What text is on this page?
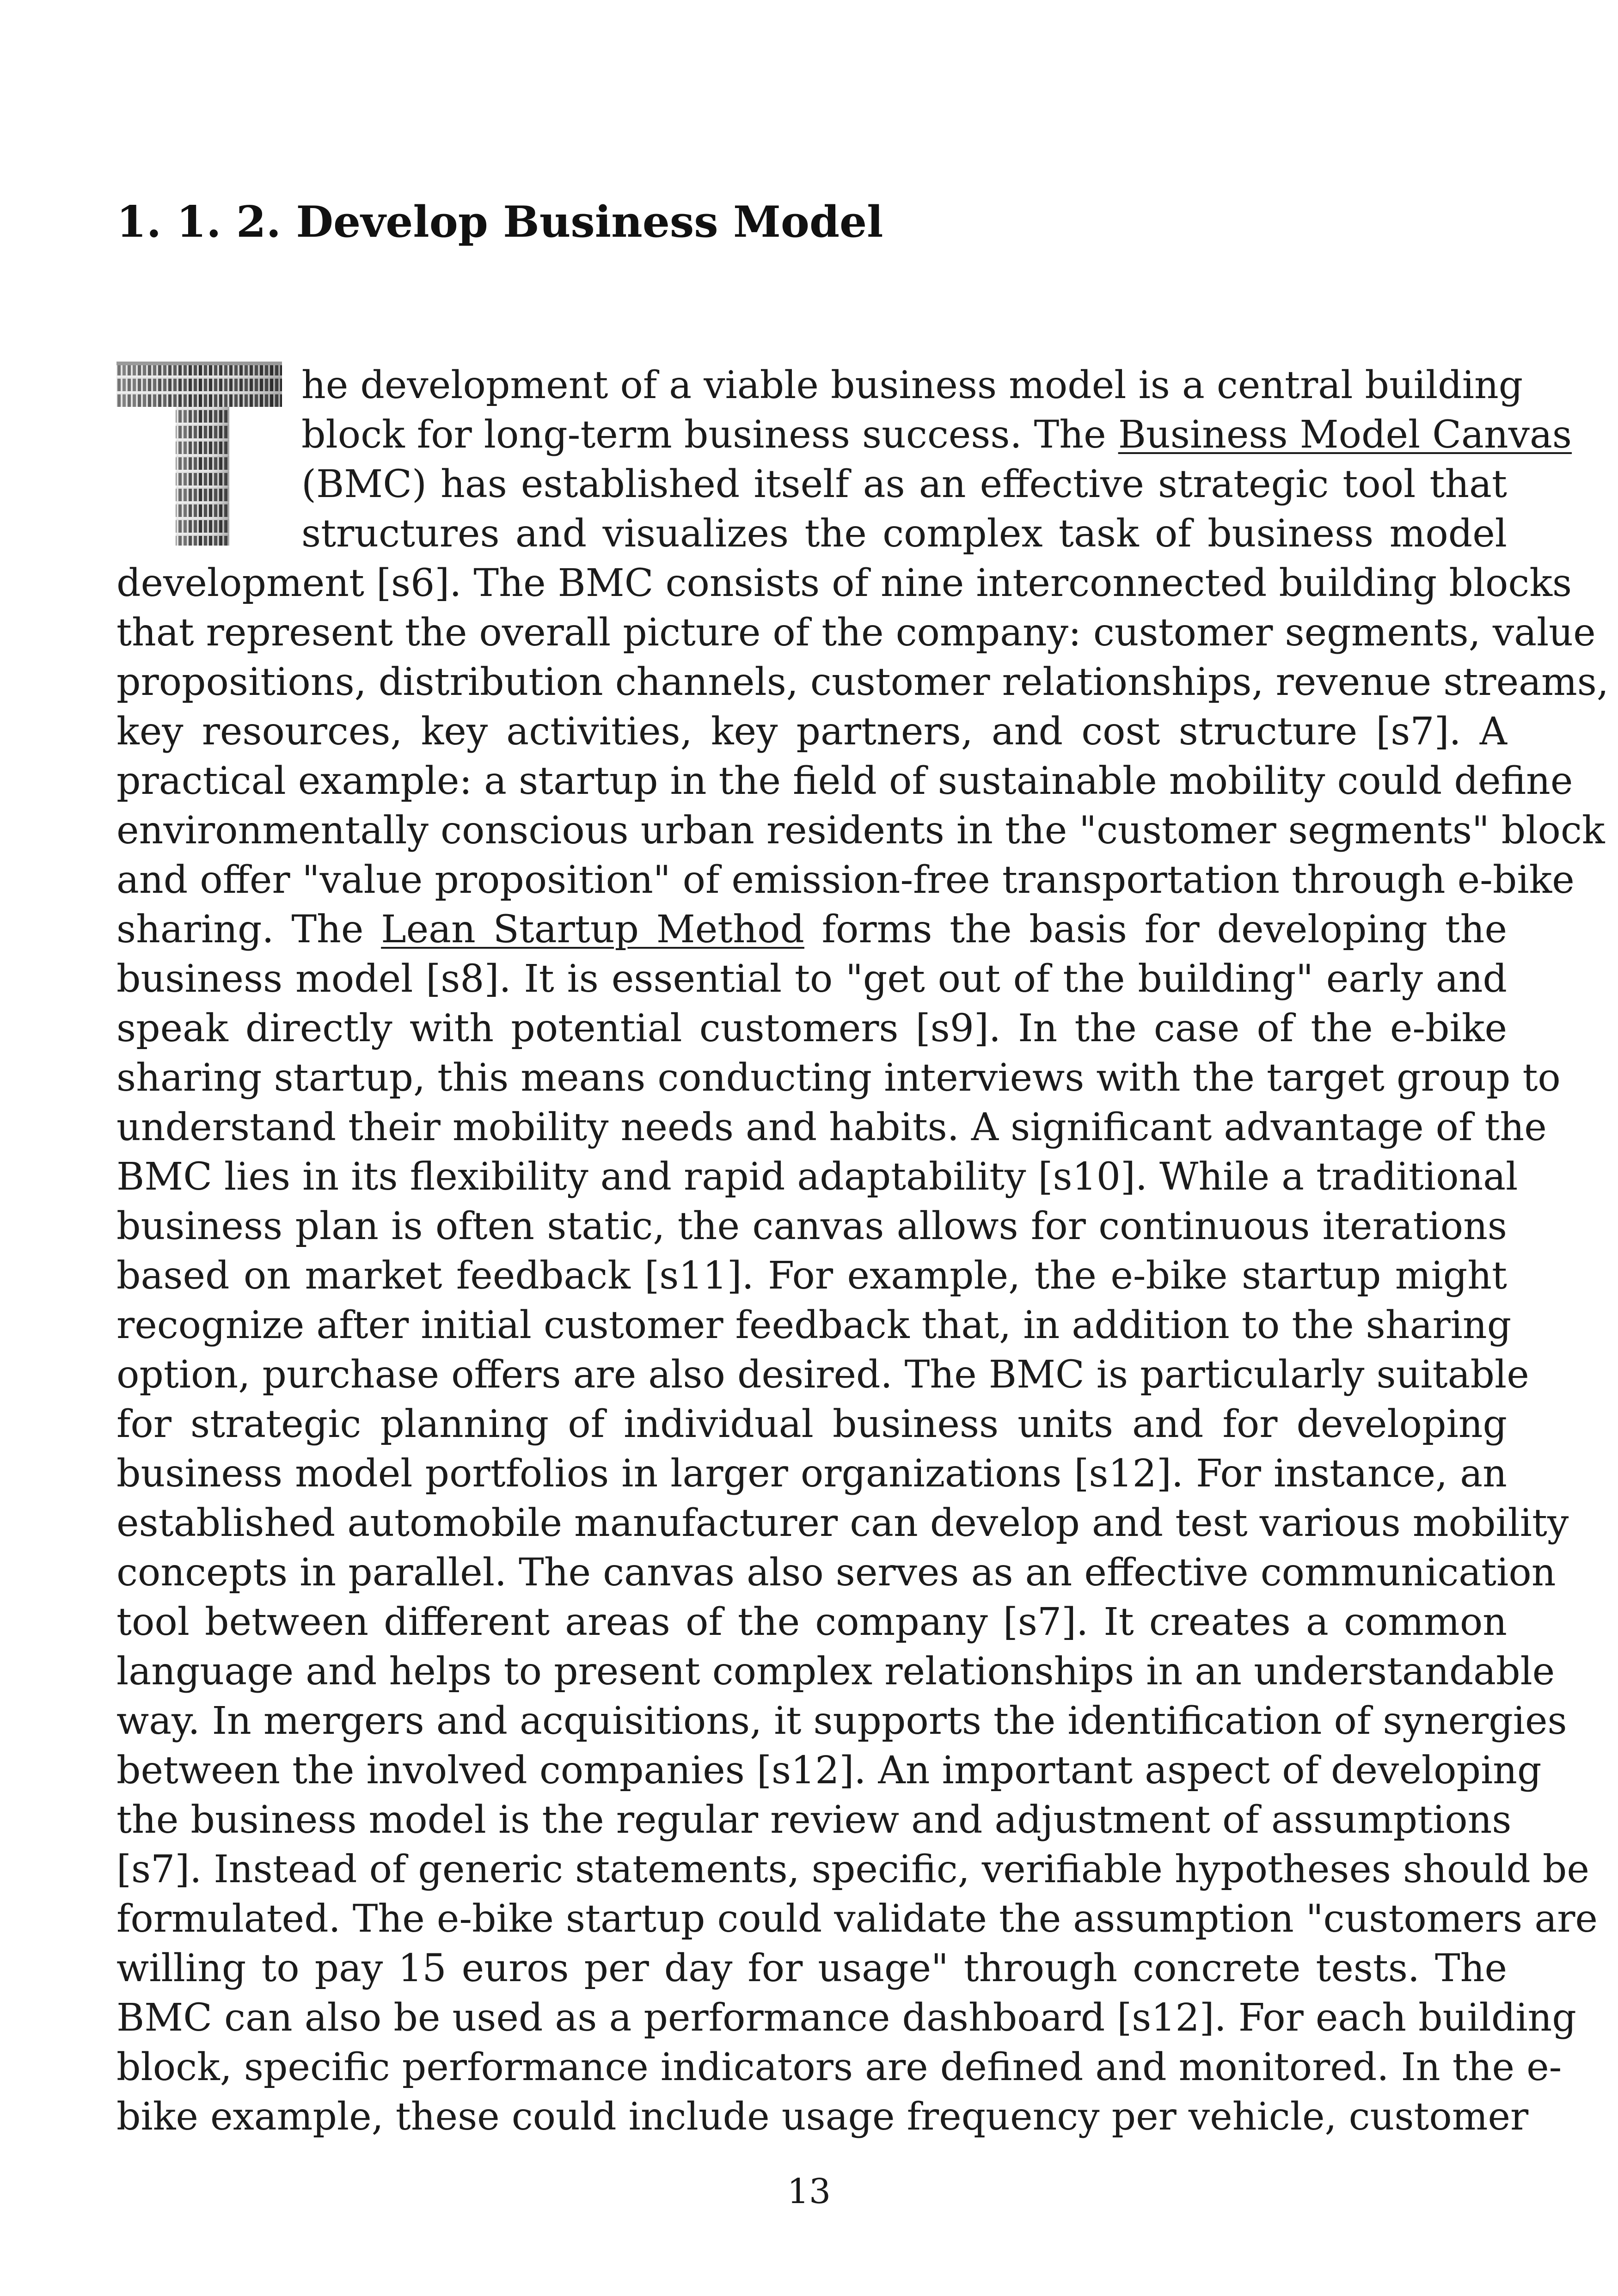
1. 1. 2. Develop Business Model
he development of a viable business model is a central building
block for long-term business success. The Business Model Canvas
(BMC) has established itself as an effective strategic tool that
structures and visualizes the complex task of business model
development [s6]. The BMC consists of nine interconnected building blocks
that represent the overall picture of the company: customer segments, value
propositions, distribution channels, customer relationships, revenue streams,
key resources, key activities, key partners, and cost structure [s7]. A
practical example: a startup in the field of sustainable mobility could define
environmentally conscious urban residents in the "customer segments" block
and offer "value proposition" of emission-free transportation through e-bike
sharing. The Lean Startup Method forms the basis for developing the
business model [s8]. It is essential to "get out of the building" early and
speak directly with potential customers [s9]. In the case of the e-bike
sharing startup, this means conducting interviews with the target group to
understand their mobility needs and habits. A significant advantage of the
BMC lies in its flexibility and rapid adaptability [s10]. While a traditional
business plan is often static, the canvas allows for continuous iterations
based on market feedback [s11]. For example, the e-bike startup might
recognize after initial customer feedback that, in addition to the sharing
option, purchase offers are also desired. The BMC is particularly suitable
for strategic planning of individual business units and for developing
business model portfolios in larger organizations [s12]. For instance, an
established automobile manufacturer can develop and test various mobility
concepts in parallel. The canvas also serves as an effective communication
tool between different areas of the company [s7]. It creates a common
language and helps to present complex relationships in an understandable
way. In mergers and acquisitions, it supports the identification of synergies
between the involved companies [s12]. An important aspect of developing
the business model is the regular review and adjustment of assumptions
[s7]. Instead of generic statements, specific, verifiable hypotheses should be
formulated. The e-bike startup could validate the assumption "customers are
willing to pay 15 euros per day for usage" through concrete tests. The
BMC can also be used as a performance dashboard [s12]. For each building
block, specific performance indicators are defined and monitored. In the e-
bike example, these could include usage frequency per vehicle, customer
13
